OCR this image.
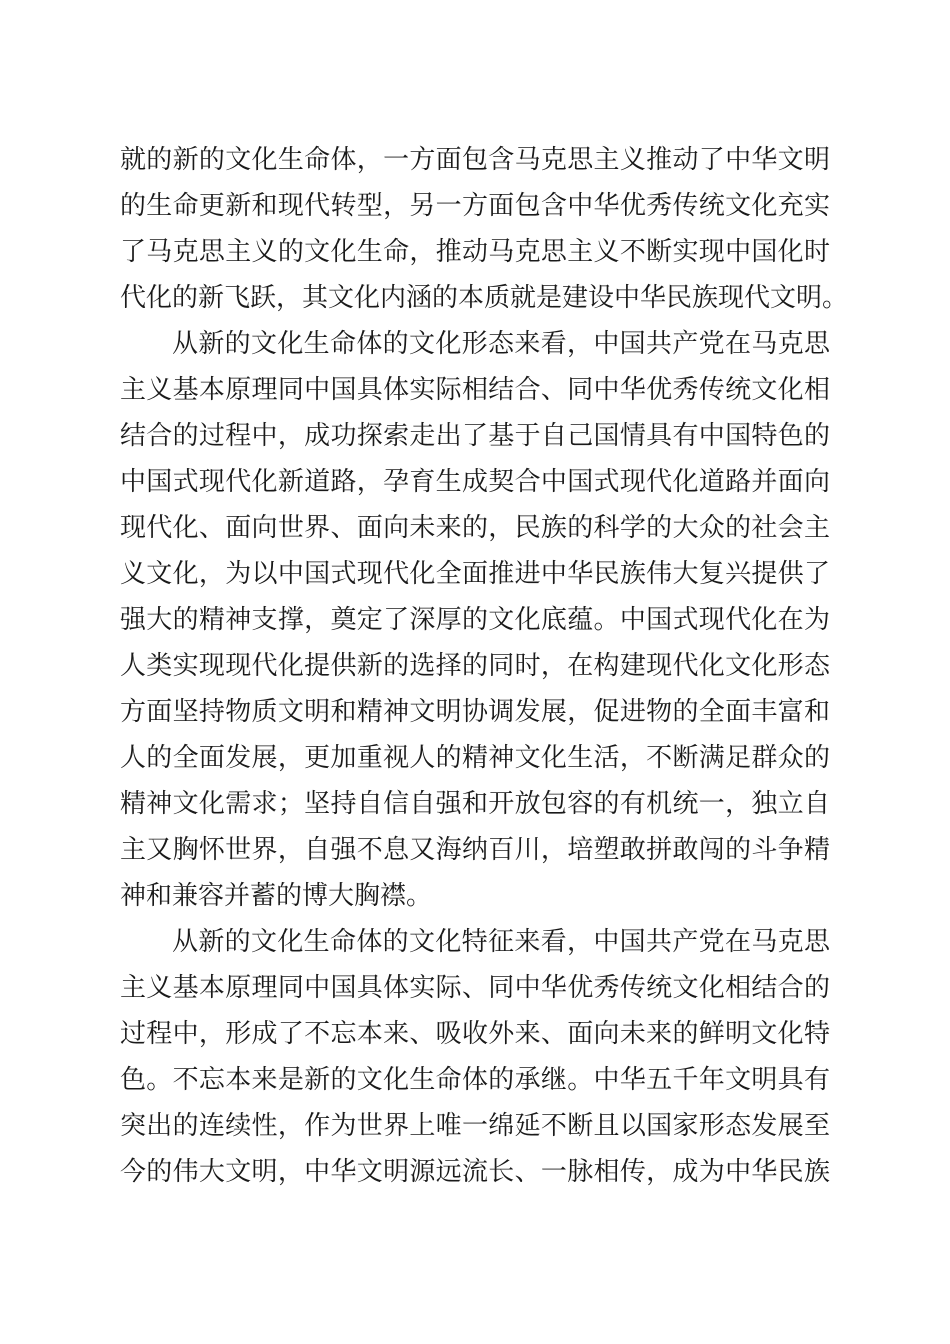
就的新的文化生命体，一方面包含马克思主义推动了中华文明
的生命更新和现代转型，另一方面包含中华优秀传统文化充实
了马克思主义的文化生命，推动马克思主义不断实现中国化时
代化的新飞跃，其文化内涵的本质就是建设中华民族现代文明。
从新的文化生命体的文化形态来看，中国共产党在马克思
主义基本原理同中国具体实际相结合、同中华优秀传统文化相
结合的过程中，成功探索走出了基于自己国情具有中国特色的
中国式现代化新道路，孕育生成契合中国式现代化道路并面向
现代化、面向世界、面向未来的，民族的科学的大众的社会主
义文化，为以中国式现代化全面推进中华民族伟大复兴提供了
强大的精神支撑，奠定了深厚的文化底蕴。中国式现代化在为
人类实现现代化提供新的选择的同时，在构建现代化文化形态
方面坚持物质文明和精神文明协调发展，促进物的全面丰富和
人的全面发展，更加重视人的精神文化生活，不断满足群众的
精神文化需求；坚持自信自强和开放包容的有机统一，独立自
主又胸怀世界，自强不息又海纳百川，培塑敢拼敢闯的斗争精
神和兼容并蓄的博大胸襟。
从新的文化生命体的文化特征来看，中国共产党在马克思
主义基本原理同中国具体实际、同中华优秀传统文化相结合的
过程中，形成了不忘本来、吸收外来、面向未来的鲜明文化特
色。不忘本来是新的文化生命体的承继。中华五千年文明具有
突出的连续性，作为世界上唯一绵延不断且以国家形态发展至
今的伟大文明，中华文明源远流长、一脉相传，成为中华民族
